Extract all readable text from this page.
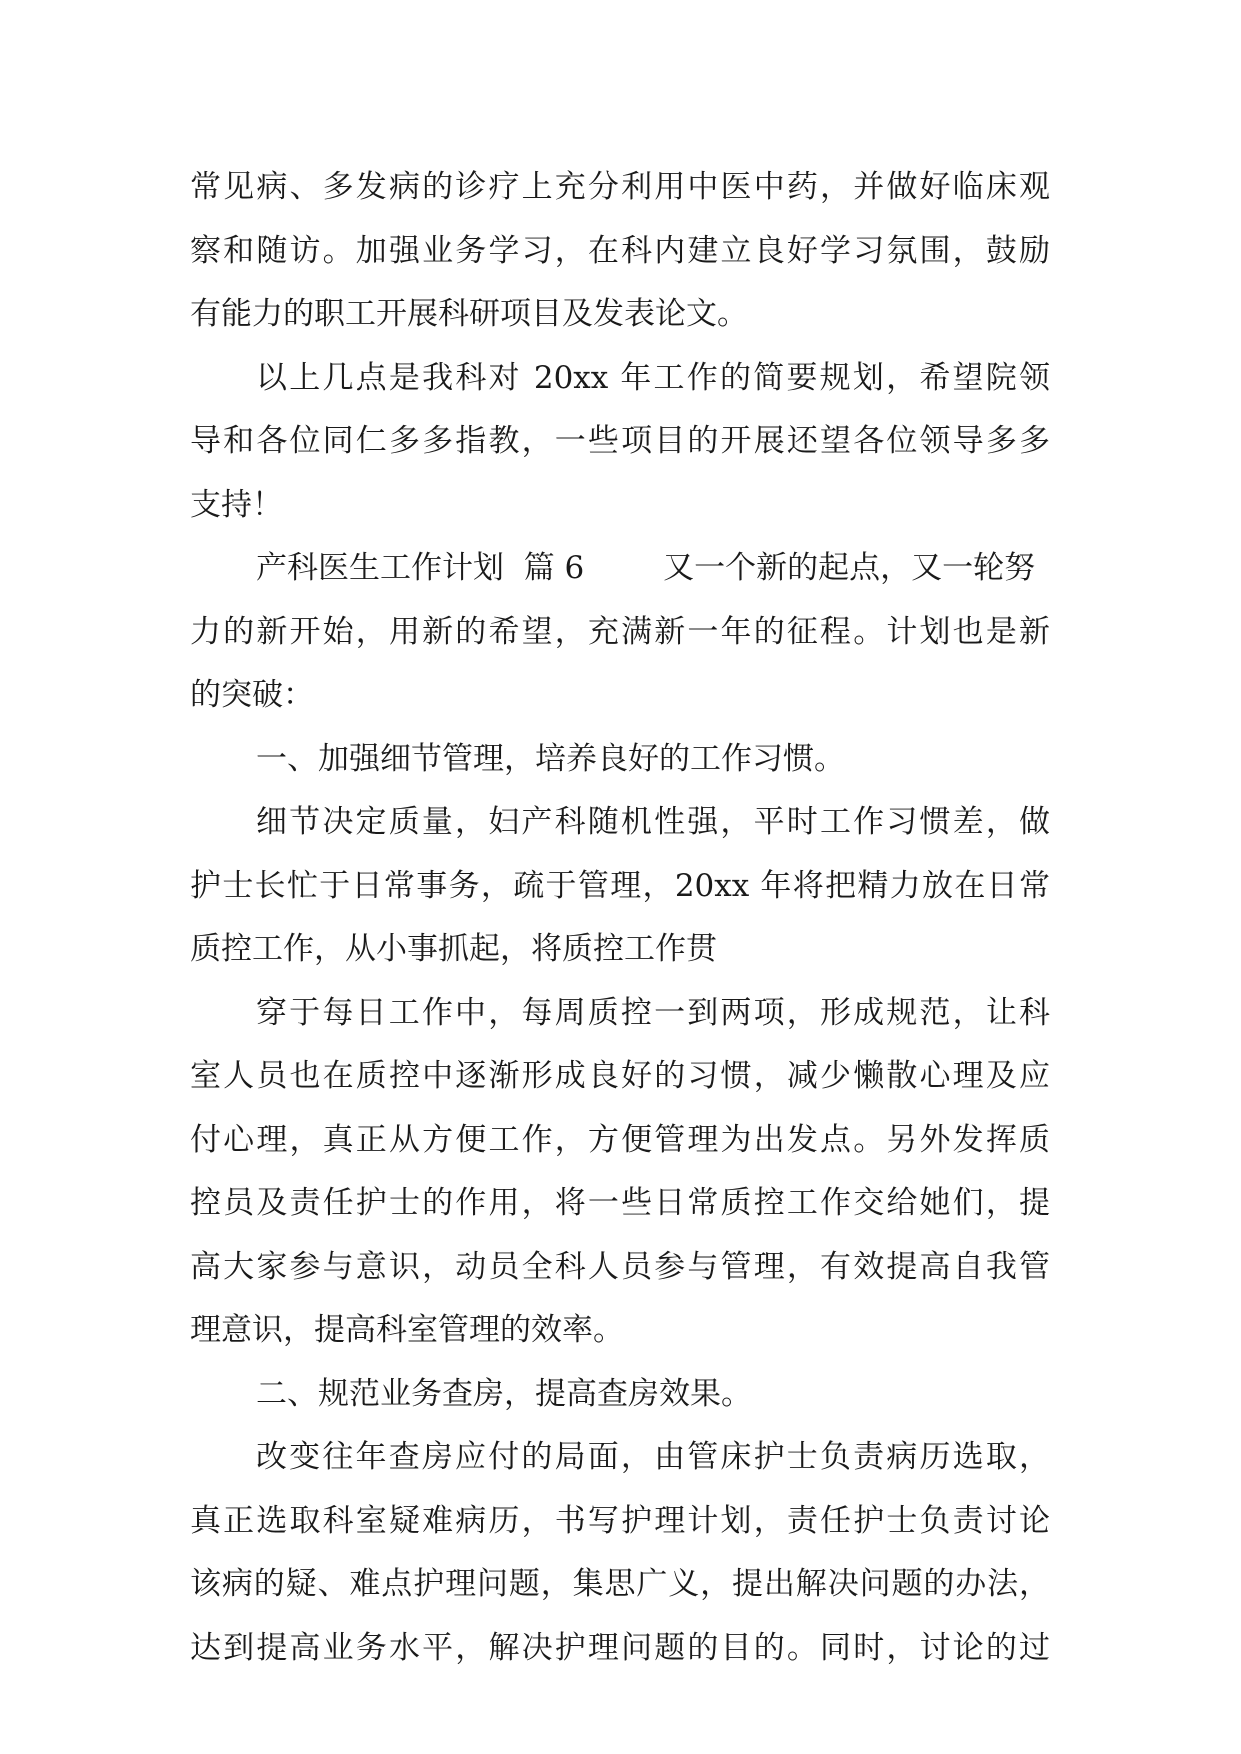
常见病、多发病的诊疗上充分利用中医中药，并做好临床观
察和随访。加强业务学习，在科内建立良好学习氛围，鼓励
有能力的职工开展科研项目及发表论文。
以上几点是我科对 20xx 年工作的简要规划，希望院领
导和各位同仁多多指教，一些项目的开展还望各位领导多多
支持！
产科医生工作计划  篇 6        又一个新的起点，又一轮努
力的新开始，用新的希望，充满新一年的征程。计划也是新
的突破：
一、加强细节管理，培养良好的工作习惯。
细节决定质量，妇产科随机性强，平时工作习惯差，做
护士长忙于日常事务，疏于管理，20xx 年将把精力放在日常
质控工作，从小事抓起，将质控工作贯
穿于每日工作中，每周质控一到两项，形成规范，让科
室人员也在质控中逐渐形成良好的习惯，减少懒散心理及应
付心理，真正从方便工作，方便管理为出发点。另外发挥质
控员及责任护士的作用，将一些日常质控工作交给她们，提
高大家参与意识，动员全科人员参与管理，有效提高自我管
理意识，提高科室管理的效率。
二、规范业务查房，提高查房效果。
改变往年查房应付的局面，由管床护士负责病历选取，
真正选取科室疑难病历，书写护理计划，责任护士负责讨论
该病的疑、难点护理问题，集思广义，提出解决问题的办法，
达到提高业务水平，解决护理问题的目的。同时，讨论的过
